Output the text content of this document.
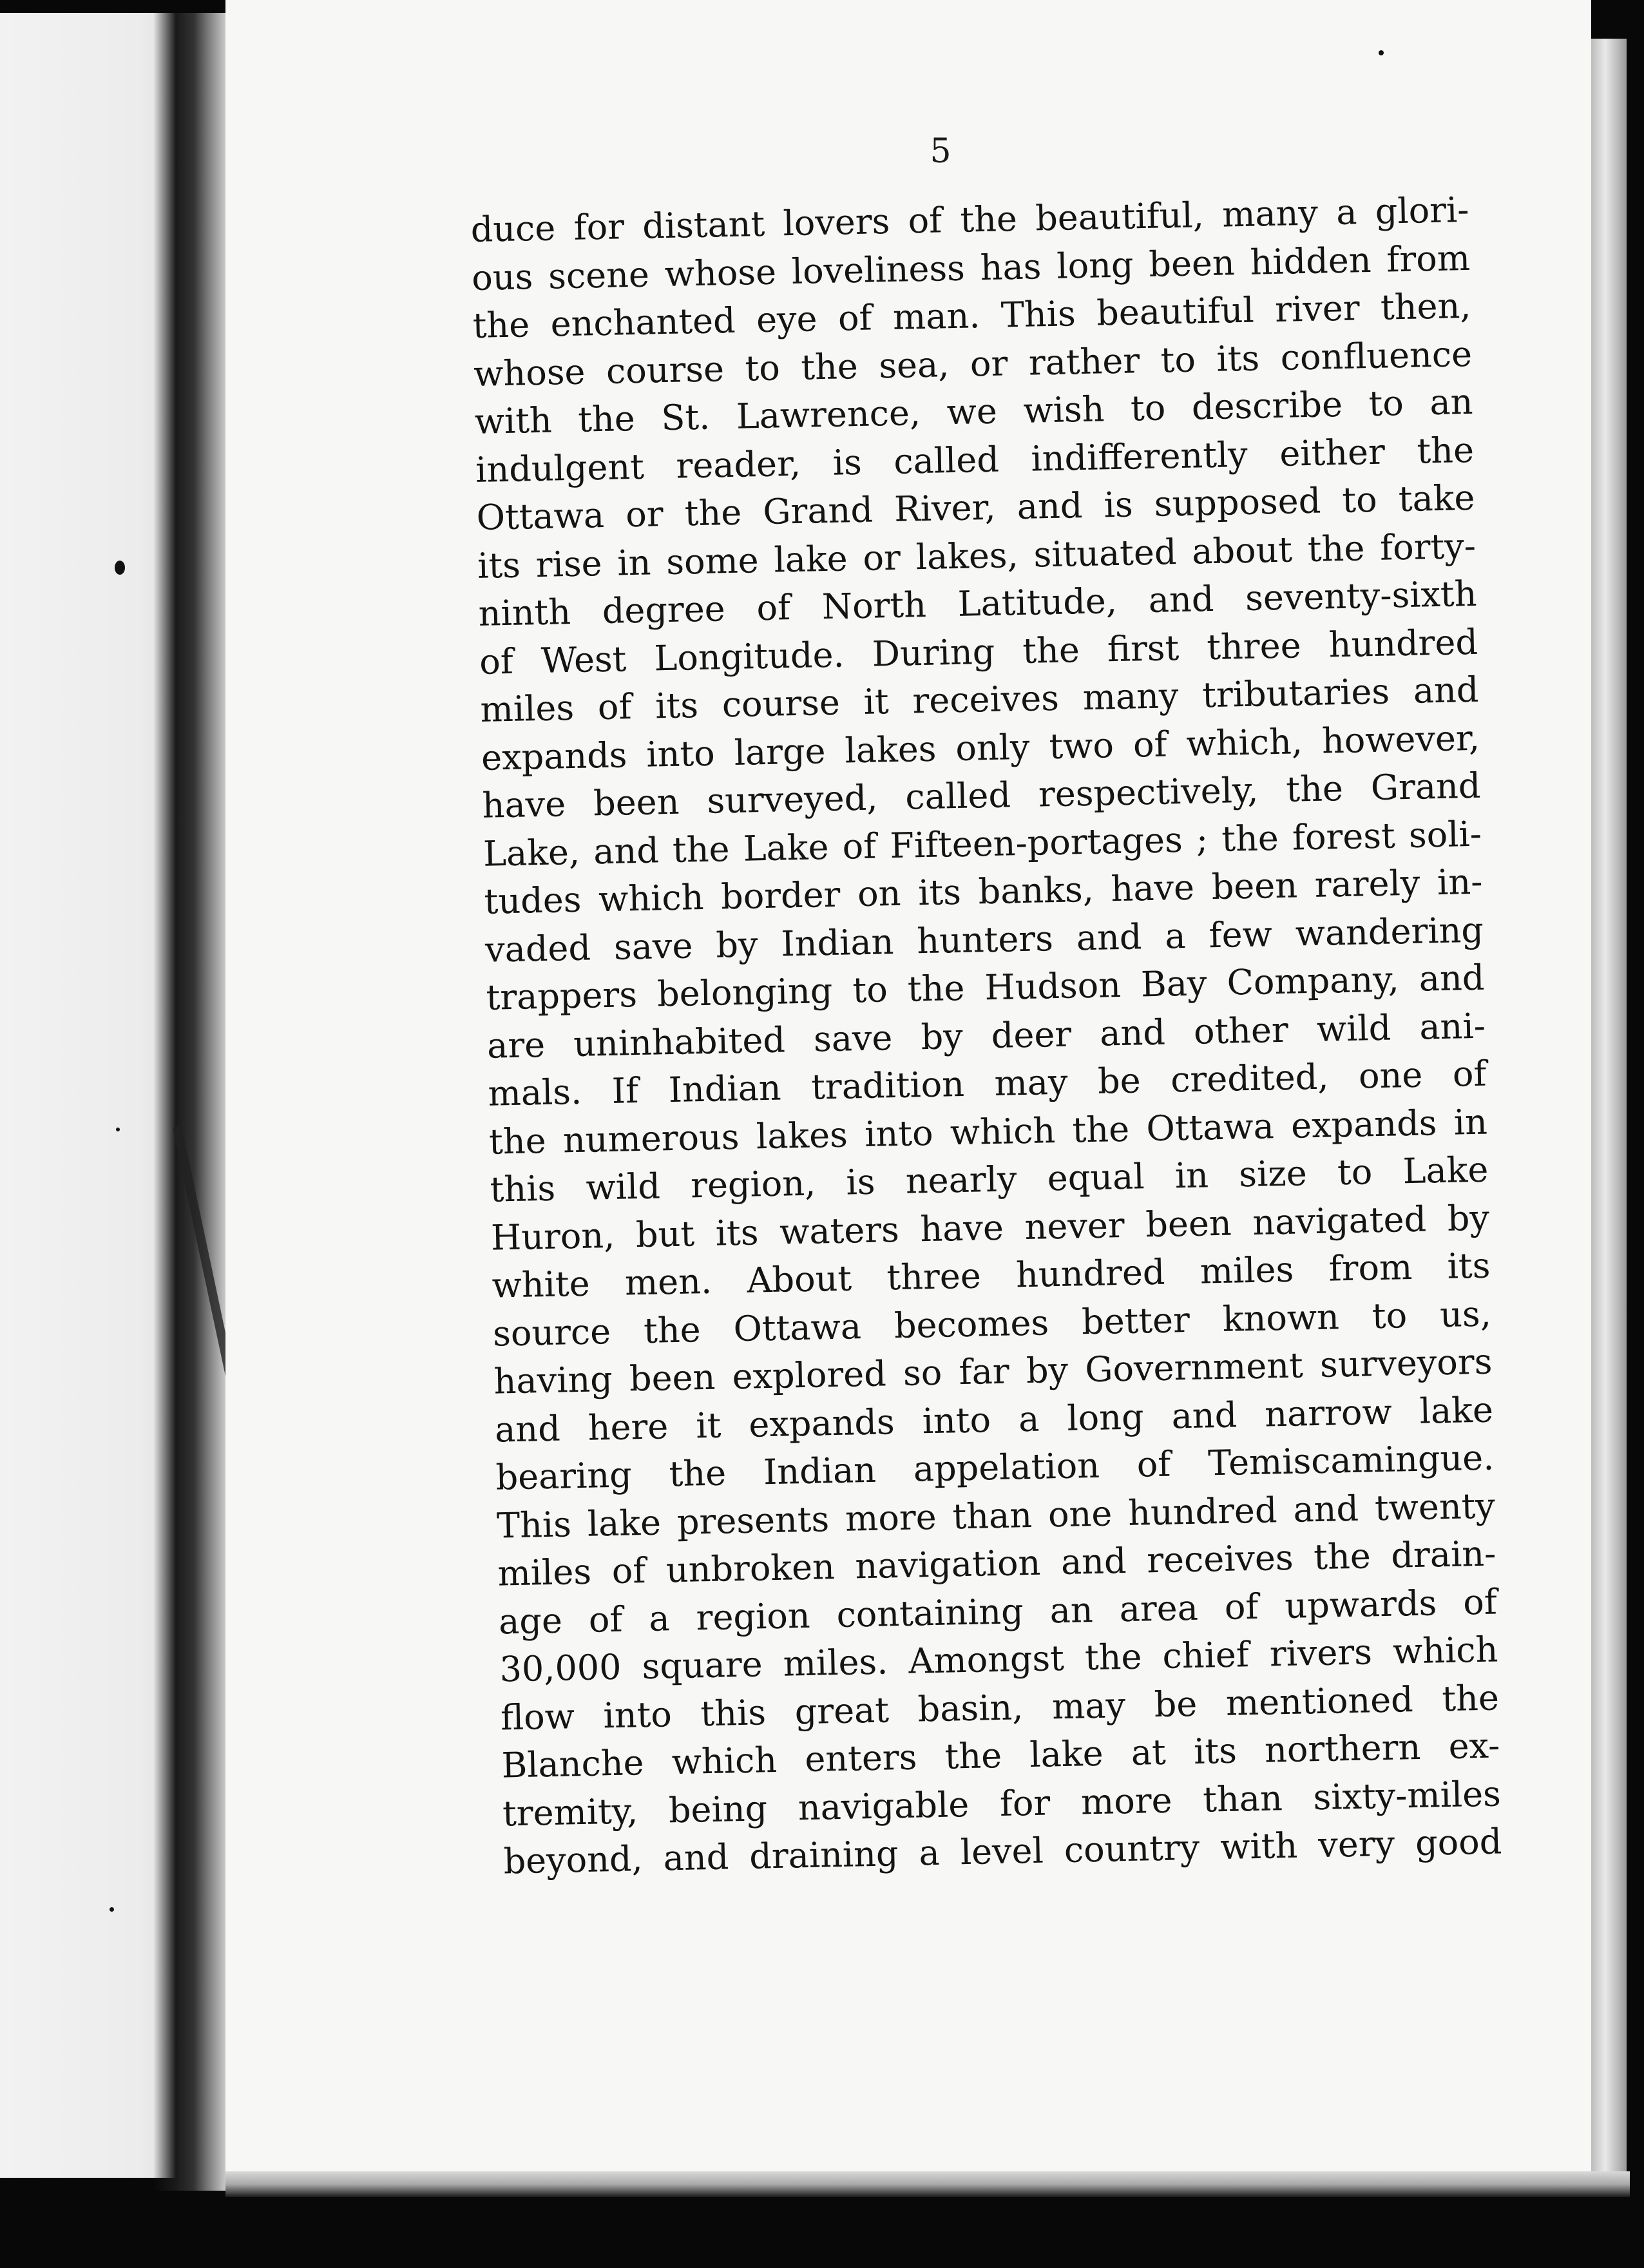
5
duce for distant lovers of the beautiful, many a glori-
ous scene whose loveliness has long been hidden from
the enchanted eye of man. This beautiful river then,
whose course to the sea, or rather to its confluence
with the St. Lawrence, we wish to describe to an
indulgent reader, is called indifferently either the
Ottawa or the Grand River, and is supposed to take
its rise in some lake or lakes, situated about the forty-
ninth degree of North Latitude, and seventy-sixth
of West Longitude. During the first three hundred
miles of its course it receives many tributaries and
expands into large lakes only two of which, however,
have been surveyed, called respectively, the Grand
Lake, and the Lake of Fifteen-portages ; the forest soli-
tudes which border on its banks, have been rarely in-
vaded save by Indian hunters and a few wandering
trappers belonging to the Hudson Bay Company, and
are uninhabited save by deer and other wild ani-
mals. If Indian tradition may be credited, one of
the numerous lakes into which the Ottawa expands in
this wild region, is nearly equal in size to Lake
Huron, but its waters have never been navigated by
white men. About three hundred miles from its
source the Ottawa becomes better known to us,
having been explored so far by Government surveyors
and here it expands into a long and narrow lake
bearing the Indian appelation of Temiscamingue.
This lake presents more than one hundred and twenty
miles of unbroken navigation and receives the drain-
age of a region containing an area of upwards of
30,000 square miles. Amongst the chief rivers which
flow into this great basin, may be mentioned the
Blanche which enters the lake at its northern ex-
tremity, being navigable for more than sixty-miles
beyond, and draining a level country with very good
